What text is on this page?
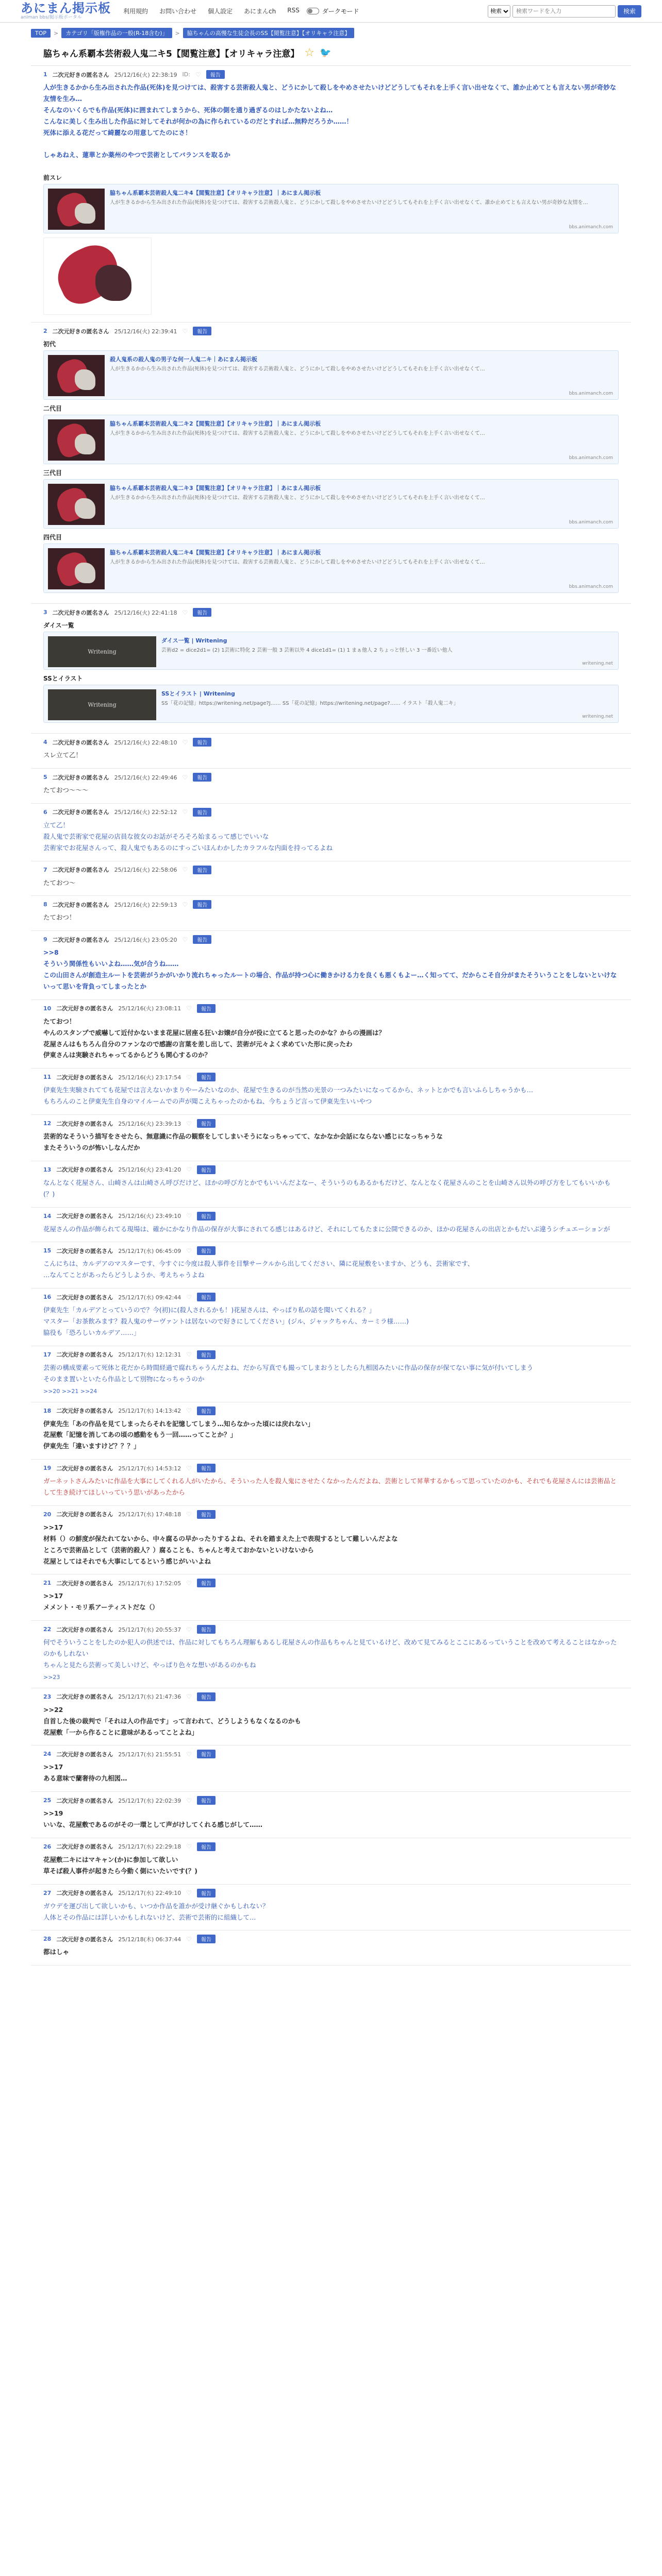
あにまん掲示板
animan bbs/掲示板ポータル
利用規約 お問い合わせ 個人設定 あにまんch RSS	ダークモード
検索
検索ワードを入力	検索
TOP	>	カテゴリ「版権作品の一般(R-18含む)」	>	脇ちゃんの高慢な生徒会長のSS【閲覧注意】【オリキャラ注意】
脇ちゃん系覇本芸術殺人鬼二キ5【閲覧注意】【オリキャラ注意】 ☆ 🐦
1 二次元好きの匿名さん 25/12/16(火) 22:38:19 ID: ♡	報告
人が生きるかから生み出された作品(死体)を見つけては、殺害する芸術殺人鬼と、どうにかして殺しをやめさせたいけどどうしてもそれを上手く言い出せなくて、誰か止めてとも言えない男が奇妙な友情を生み…
そんなのいくらでも作品(死体)に囲まれてしまうから、死体の側を通り過ぎるのはしかたないよね…
こんなに美しく生み出した作品に対してそれが何かの為に作られているのだとすれば…無粋だろうか……！
死体に添える花だって綺麗なの用意してたのにさ！

しゃあねえ、蓮華とか薬州のやつで芸術としてバランスを取るか
前スレ
脇ちゃん系覇本芸術殺人鬼二キ4【閲覧注意】【オリキャラ注意】｜あにまん掲示板
人が生きるかから生み出された作品(死体)を見つけては、殺害する芸術殺人鬼と、どうにかして殺しをやめさせたいけどどうしてもそれを上手く言い出せなくて、誰か止めてとも言えない男が奇妙な友情を…
bbs.animanch.com
2 二次元好きの匿名さん 25/12/16(火) 22:39:41 ♡	報告
初代
殺人鬼系の殺人鬼の男子な何一人鬼二キ｜あにまん掲示板
人が生きるかから生み出された作品(死体)を見つけては、殺害する芸術殺人鬼と、どうにかして殺しをやめさせたいけどどうしてもそれを上手く言い出せなくて…
bbs.animanch.com
二代目
脇ちゃん系覇本芸術殺人鬼二キ2【閲覧注意】【オリキャラ注意】｜あにまん掲示板
人が生きるかから生み出された作品(死体)を見つけては、殺害する芸術殺人鬼と、どうにかして殺しをやめさせたいけどどうしてもそれを上手く言い出せなくて…
bbs.animanch.com
三代目
脇ちゃん系覇本芸術殺人鬼二キ3【閲覧注意】【オリキャラ注意】｜あにまん掲示板
人が生きるかから生み出された作品(死体)を見つけては、殺害する芸術殺人鬼と、どうにかして殺しをやめさせたいけどどうしてもそれを上手く言い出せなくて…
bbs.animanch.com
四代目
脇ちゃん系覇本芸術殺人鬼二キ4【閲覧注意】【オリキャラ注意】｜あにまん掲示板
人が生きるかから生み出された作品(死体)を見つけては、殺害する芸術殺人鬼と、どうにかして殺しをやめさせたいけどどうしてもそれを上手く言い出せなくて…
bbs.animanch.com
3 二次元好きの匿名さん 25/12/16(火) 22:41:18 ♡	報告
ダイス一覧
Writening
ダイス一覧 | Writening
芸術d2 = dice2d1= (2) 1芸術に特化 2 芸術一般 3 芸術以外 4 dice1d1= (1) 1 まぁ他人 2 ちょっと怪しい 3 一番近い他人
writening.net
SSとイラスト
Writening
SSとイラスト | Writening
SS「花の記憶」https://writening.net/page?J…… SS「花の記憶」https://writening.net/page?…… イラスト「殺人鬼二キ」
writening.net
4 二次元好きの匿名さん 25/12/16(火) 22:48:10 ♡	報告
スレ立て乙！
5 二次元好きの匿名さん 25/12/16(火) 22:49:46 ♡	報告
たておつ〜〜〜
6 二次元好きの匿名さん 25/12/16(火) 22:52:12 ♡	報告
立て乙！
殺人鬼で芸術家で花屋の店員な彼女のお話がそろそろ始まるって感じでいいな
芸術家でお花屋さんって、殺人鬼でもあるのにすっごいほんわかしたカラフルな内面を持ってるよね
7 二次元好きの匿名さん 25/12/16(火) 22:58:06 ♡	報告
たておつ〜
8 二次元好きの匿名さん 25/12/16(火) 22:59:13 ♡	報告
たておつ！
9 二次元好きの匿名さん 25/12/16(火) 23:05:20 ♡	報告
>>8
そういう関係性もいいよね……気が合うね……
この山田さんが創造主ルートを芸術がうかがいかり流れちゃったルートの場合、作品が持つ心に働きかける力を良くも悪くもよー…く知ってて、だからこそ自分がまたそういうことをしないといけないって思いを背負ってしまったとか
10 二次元好きの匿名さん 25/12/16(火) 23:08:11 ♡	報告
たておつ！
やんのスタンプで威嚇して近付かないまま花屋に居座る狂いお嬢が自分が役に立てると思ったのかな？からの漫画は？
花屋さんはもちろん自分のファンなので感謝の言葉を差し出して、芸術が元々よく求めていた形に戻ったわ
伊東さんは実験されちゃってるからどうも関心するのか？
11 二次元好きの匿名さん 25/12/16(火) 23:17:54 ♡	報告
伊東先生実験されてても花屋では言えないかまりやーみたいなのか、花屋で生きるのが当然の光景の一つみたいになってるから、ネットとかでも言いふらしちゃうかも…
もちろんのこと伊東先生自身のマイルームでの声が聞こえちゃったのかもね、今ちょうど言って伊東先生いいやつ
12 二次元好きの匿名さん 25/12/16(火) 23:39:13 ♡	報告
芸術的なそういう描写をさせたら、無意識に作品の観察をしてしまいそうになっちゃってて、なかなか会話にならない感じになっちゃうな
またそういうのが怖いしなんだか
13 二次元好きの匿名さん 25/12/16(火) 23:41:20 ♡	報告
なんとなく花屋さん、山崎さんは山崎さん呼びだけど、ほかの呼び方とかでもいいんだよなー、そういうのもあるかもだけど、なんとなく花屋さんのことを山崎さん以外の呼び方をしてもいいかも(？)
14 二次元好きの匿名さん 25/12/16(火) 23:49:10 ♡	報告
花屋さんの作品が飾られてる現場は、確かにかなり作品の保存が大事にされてる感じはあるけど、それにしてもたまに公開できるのか、ほかの花屋さんの出店とかもだいぶ違うシチュエーションが
15 二次元好きの匿名さん 25/12/17(水) 06:45:09 ♡	報告
こんにちは、カルデアのマスターです、今すぐに今度は殺人事件を目撃サークルから出してください、隣に花屋敷をいますか、どうも、芸術家です、
…なんてことがあったらどうしようか、考えちゃうよね
16 二次元好きの匿名さん 25/12/17(水) 09:42:44 ♡	報告
伊東先生「カルデアとっていうので？今(初)に(殺人されるかも！)花屋さんは、やっぱり私の話を聞いてくれる？」
マスター「お茶飲みます？殺人鬼のサーヴァントは居ないので好きにしてください」(ジル、ジャックちゃん、カーミラ様……)
脇役も「恐ろしいカルデア……」
17 二次元好きの匿名さん 25/12/17(水) 12:12:31 ♡	報告
芸術の構成要素って死体と花だから時間経過で腐れちゃうんだよね、だから写真でも撮ってしまおうとしたら九相図みたいに作品の保存が保てない事に気が付いてしまう
そのまま置いといたら作品として別物になっちゃうのか
>>20 >>21 >>24
18 二次元好きの匿名さん 25/12/17(水) 14:13:42 ♡	報告
伊東先生「あの作品を見てしまったらそれを記憶してしまう…知らなかった頃には戻れない」
花屋敷「記憶を消してあの頃の感動をもう一回……ってことか？」
伊東先生「違いますけど？？？」
19 二次元好きの匿名さん 25/12/17(水) 14:53:12 ♡	報告
ガーネットさんみたいに作品を大事にしてくれる人がいたから、そういった人を殺人鬼にさせたくなかったんだよね、芸術として昇華するかもって思っていたのかも、それでも花屋さんには芸術品として生き続けてほしいっていう思いがあったから
20 二次元好きの匿名さん 25/12/17(水) 17:48:18 ♡	報告
>>17
材料（）の鮮度が保たれてないから、中々腐るの早かったりするよね、それを踏まえた上で表現するとして難しいんだよな
ところで芸術品として（芸術的殺人？）腐ることも、ちゃんと考えておかないといけないから
花屋としてはそれでも大事にしてるという感じがいいよね
21 二次元好きの匿名さん 25/12/17(水) 17:52:05 ♡	報告
>>17
メメント・モリ系アーティストだな（）
22 二次元好きの匿名さん 25/12/17(水) 20:55:37 ♡	報告
何でそういうことをしたのか犯人の供述では、作品に対してもちろん理解もあるし花屋さんの作品もちゃんと見ているけど、改めて見てみるとここにあるっていうことを改めて考えることはなかったのかもしれない
ちゃんと見たら芸術って美しいけど、やっぱり色々な想いがあるのかもね
>>23
23 二次元好きの匿名さん 25/12/17(水) 21:47:36 ♡	報告
>>22
自首した後の裁判で「それは人の作品です」って言われて、どうしようもなくなるのかも
花屋敷「一から作ることに意味があるってことよね」
24 二次元好きの匿名さん 25/12/17(水) 21:55:51 ♡	報告
>>17
ある意味で蘭奢待の九相図…
25 二次元好きの匿名さん 25/12/17(水) 22:02:39 ♡	報告
>>19
いいな、花屋敷であるのがその一環として声がけしてくれる感じがして……
26 二次元好きの匿名さん 25/12/17(水) 22:29:18 ♡	報告
花屋敷二キにはマキャン(か)に参加して欲しい
草そば殺人事件が起きたら今動く側にいたいです(？)
27 二次元好きの匿名さん 25/12/17(水) 22:49:10 ♡	報告
ガウデを運び出して欲しいかも、いつか作品を誰かが受け継ぐかもしれない？
人体とその作品には詳しいかもしれないけど、芸術で芸術的に組織して…
28 二次元好きの匿名さん 25/12/18(木) 06:37:44 ♡	報告
都はしゃ
